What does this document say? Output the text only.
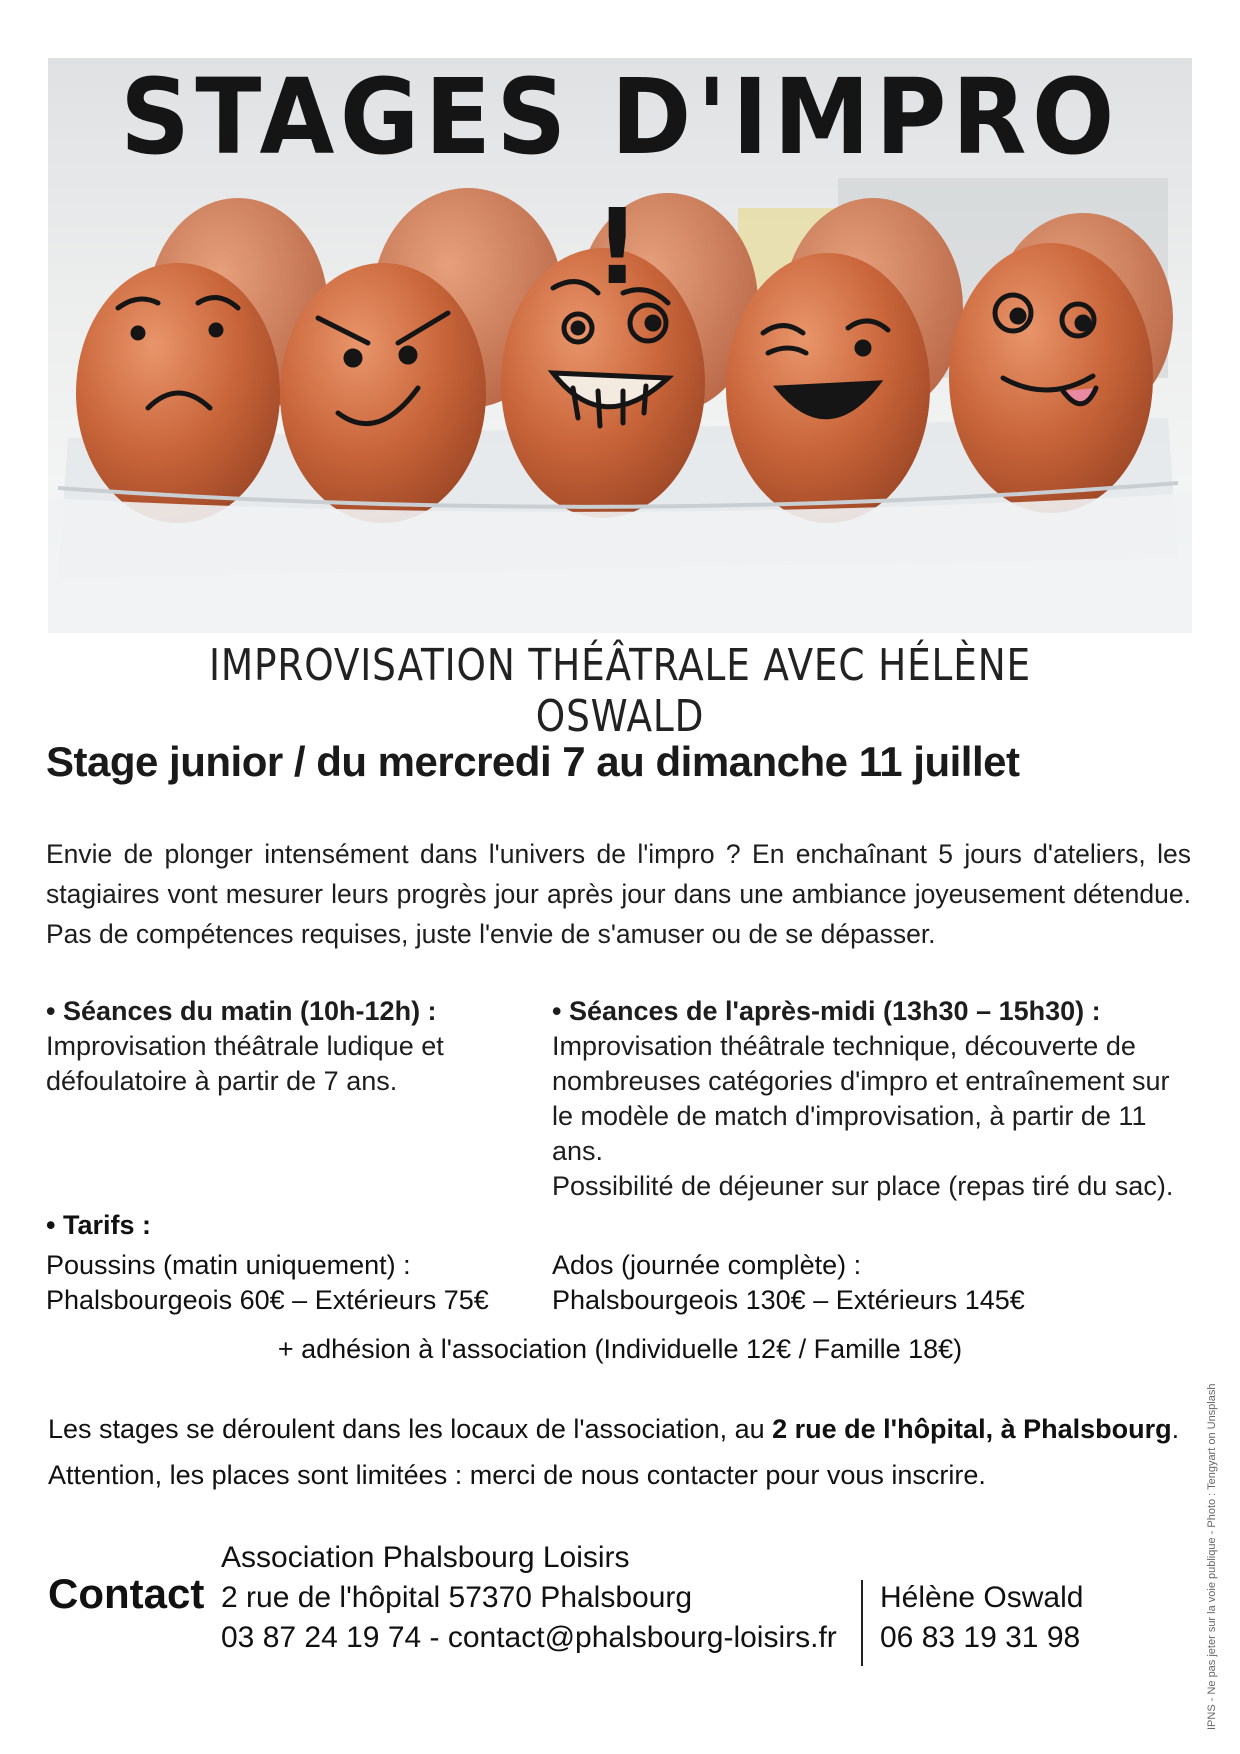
STAGES D'IMPRO !
IMPROVISATION THÉÂTRALE AVEC HÉLÈNE OSWALD
Stage junior / du mercredi 7 au dimanche 11 juillet
Envie de plonger intensément dans l'univers de l'impro ? En enchaînant 5 jours d'ateliers, les stagiaires vont mesurer leurs progrès jour après jour dans une ambiance joyeusement détendue. Pas de compétences requises, juste l'envie de s'amuser ou de se dépasser.
• Séances du matin (10h-12h) :
Improvisation théâtrale ludique et défoulatoire à partir de 7 ans.
• Séances de l'après-midi (13h30 – 15h30) :
Improvisation théâtrale technique, découverte de nombreuses catégories d'impro et entraînement sur le modèle de match d'improvisation, à partir de 11 ans.
Possibilité de déjeuner sur place (repas tiré du sac).
• Tarifs :
Poussins (matin uniquement) :
Phalsbourgeois 60€ – Extérieurs 75€
Ados (journée complète) :
Phalsbourgeois 130€ – Extérieurs 145€
+ adhésion à l'association (Individuelle 12€ / Famille 18€)
Les stages se déroulent dans les locaux de l'association, au 2 rue de l'hôpital, à Phalsbourg.
Attention, les places sont limitées : merci de nous contacter pour vous inscrire.
Contact
Association Phalsbourg Loisirs
2 rue de l'hôpital 57370 Phalsbourg
03 87 24 19 74 - contact@phalsbourg-loisirs.fr
Hélène Oswald
06 83 19 31 98	IPNS - Ne pas jeter sur la voie publique - Photo : Tengyart on Unsplash
